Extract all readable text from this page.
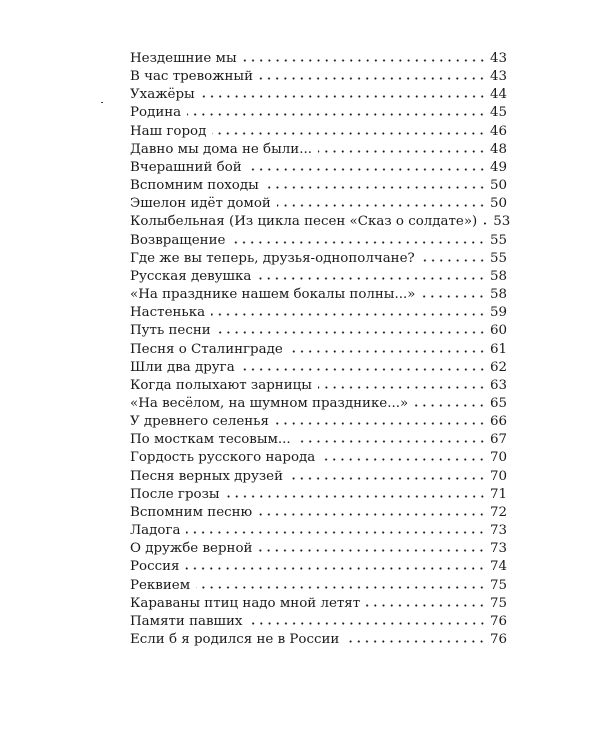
Нездешние мы	43
В час тревожный	43
Ухажёры	44
Родина	45
Наш город	46
Давно мы дома не были...	48
Вчерашний бой	49
Вспомним походы	50
Эшелон идёт домой	50
Колыбельная (Из цикла песен «Сказ о солдате») 53
Возвращение	55
Где же вы теперь, друзья-однополчане?	55
Русская девушка	58
«На празднике нашем бокалы полны...»	58
Настенька	59
Путь песни	60
Песня о Сталинграде	61
Шли два друга	62
Когда полыхают зарницы	63
«На весёлом, на шумном празднике...»	65
У древнего селенья	66
По мосткам тесовым...	67
Гордость русского народа	70
Песня верных друзей	70
После грозы	71
Вспомним песню	72
Ладога	73
О дружбе верной	73
Россия	74
Реквием	75
Караваны птиц надо мной летят	75
Памяти павших	76
Если б я родился не в России	76
